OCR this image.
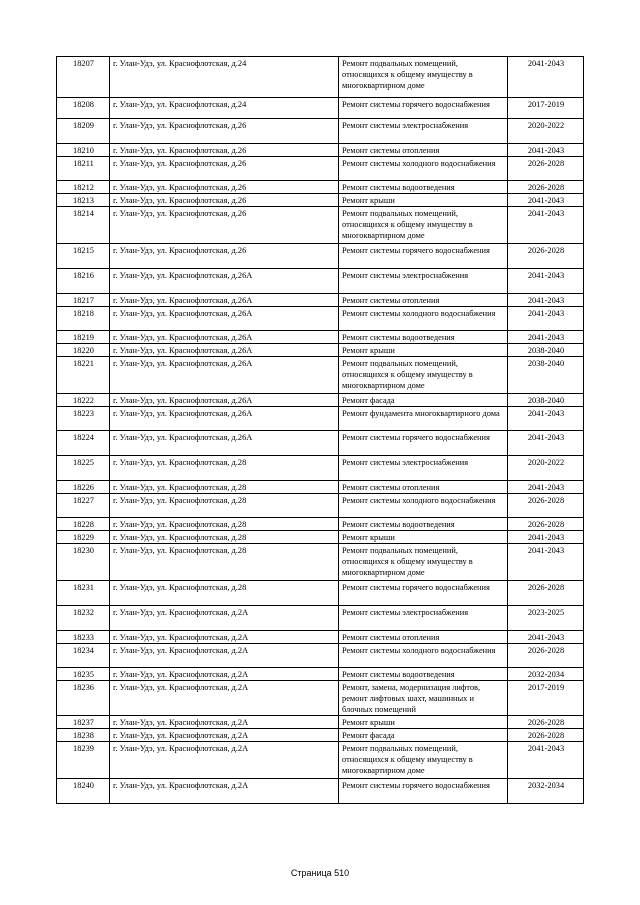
18207	г. Улан-Удэ, ул. Краснофлотская, д.24	Ремонт подвальных помещений, относящихся к общему имуществу в многоквартирном доме	2041-2043
18208	г. Улан-Удэ, ул. Краснофлотская, д.24	Ремонт системы горячего водоснабжения	2017-2019
18209	г. Улан-Удэ, ул. Краснофлотская, д.26	Ремонт системы электроснабжения	2020-2022
18210	г. Улан-Удэ, ул. Краснофлотская, д.26	Ремонт системы отопления	2041-2043
18211	г. Улан-Удэ, ул. Краснофлотская, д.26	Ремонт системы холодного водоснабжения	2026-2028
18212	г. Улан-Удэ, ул. Краснофлотская, д.26	Ремонт системы водоотведения	2026-2028
18213	г. Улан-Удэ, ул. Краснофлотская, д.26	Ремонт крыши	2041-2043
18214	г. Улан-Удэ, ул. Краснофлотская, д.26	Ремонт подвальных помещений, относящихся к общему имуществу в многоквартирном доме	2041-2043
18215	г. Улан-Удэ, ул. Краснофлотская, д.26	Ремонт системы горячего водоснабжения	2026-2028
18216	г. Улан-Удэ, ул. Краснофлотская, д.26А	Ремонт системы электроснабжения	2041-2043
18217	г. Улан-Удэ, ул. Краснофлотская, д.26А	Ремонт системы отопления	2041-2043
18218	г. Улан-Удэ, ул. Краснофлотская, д.26А	Ремонт системы холодного водоснабжения	2041-2043
18219	г. Улан-Удэ, ул. Краснофлотская, д.26А	Ремонт системы водоотведения	2041-2043
18220	г. Улан-Удэ, ул. Краснофлотская, д.26А	Ремонт крыши	2038-2040
18221	г. Улан-Удэ, ул. Краснофлотская, д.26А	Ремонт подвальных помещений, относящихся к общему имуществу в многоквартирном доме	2038-2040
18222	г. Улан-Удэ, ул. Краснофлотская, д.26А	Ремонт фасада	2038-2040
18223	г. Улан-Удэ, ул. Краснофлотская, д.26А	Ремонт фундамента многоквартирного дома	2041-2043
18224	г. Улан-Удэ, ул. Краснофлотская, д.26А	Ремонт системы горячего водоснабжения	2041-2043
18225	г. Улан-Удэ, ул. Краснофлотская, д.28	Ремонт системы электроснабжения	2020-2022
18226	г. Улан-Удэ, ул. Краснофлотская, д.28	Ремонт системы отопления	2041-2043
18227	г. Улан-Удэ, ул. Краснофлотская, д.28	Ремонт системы холодного водоснабжения	2026-2028
18228	г. Улан-Удэ, ул. Краснофлотская, д.28	Ремонт системы водоотведения	2026-2028
18229	г. Улан-Удэ, ул. Краснофлотская, д.28	Ремонт крыши	2041-2043
18230	г. Улан-Удэ, ул. Краснофлотская, д.28	Ремонт подвальных помещений, относящихся к общему имуществу в многоквартирном доме	2041-2043
18231	г. Улан-Удэ, ул. Краснофлотская, д.28	Ремонт системы горячего водоснабжения	2026-2028
18232	г. Улан-Удэ, ул. Краснофлотская, д.2А	Ремонт системы электроснабжения	2023-2025
18233	г. Улан-Удэ, ул. Краснофлотская, д.2А	Ремонт системы отопления	2041-2043
18234	г. Улан-Удэ, ул. Краснофлотская, д.2А	Ремонт системы холодного водоснабжения	2026-2028
18235	г. Улан-Удэ, ул. Краснофлотская, д.2А	Ремонт системы водоотведения	2032-2034
18236	г. Улан-Удэ, ул. Краснофлотская, д.2А	Ремонт, замена, модернизация лифтов, ремонт лифтовых шахт, машинных и блочных помещений	2017-2019
18237	г. Улан-Удэ, ул. Краснофлотская, д.2А	Ремонт крыши	2026-2028
18238	г. Улан-Удэ, ул. Краснофлотская, д.2А	Ремонт фасада	2026-2028
18239	г. Улан-Удэ, ул. Краснофлотская, д.2А	Ремонт подвальных помещений, относящихся к общему имуществу в многоквартирном доме	2041-2043
18240	г. Улан-Удэ, ул. Краснофлотская, д.2А	Ремонт системы горячего водоснабжения	2032-2034
Страница 510
